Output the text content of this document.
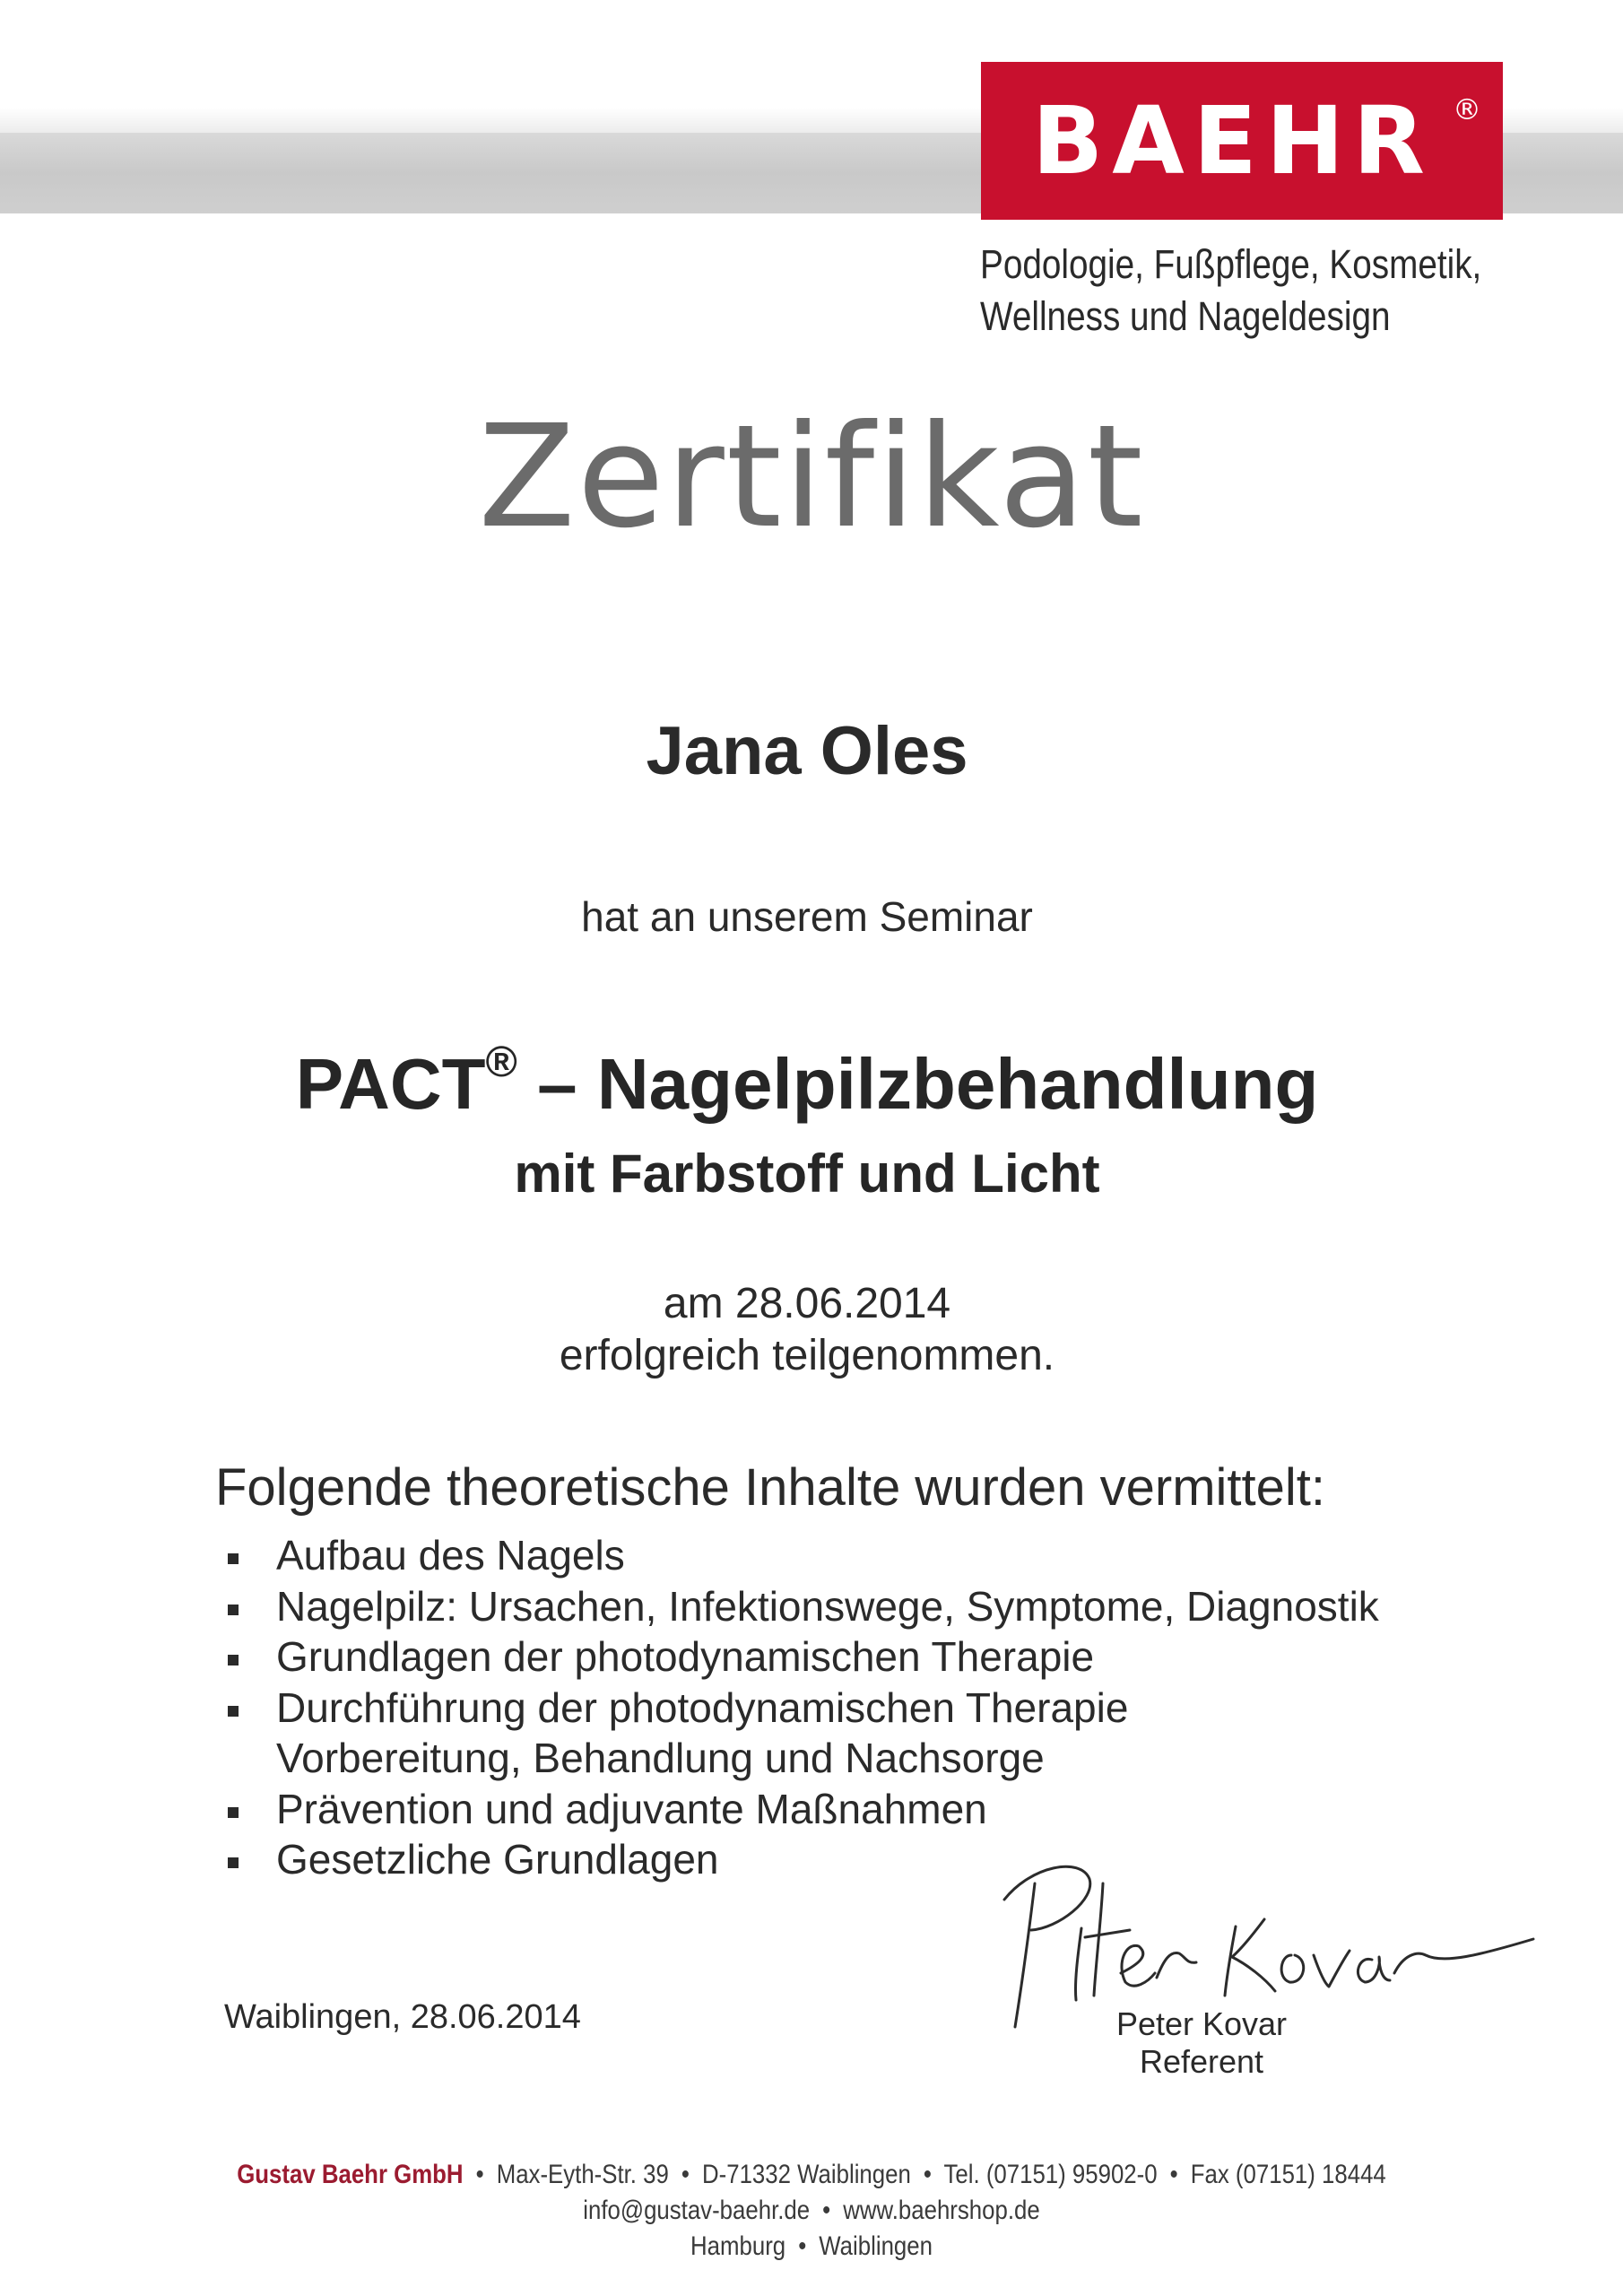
BAEHR ®
Podologie, Fußpflege, Kosmetik,
Wellness und Nageldesign
Zertifikat
Jana Oles
hat an unserem Seminar
PACT® – Nagelpilzbehandlung
mit Farbstoff und Licht
am 28.06.2014
erfolgreich teilgenommen.
Folgende theoretische Inhalte wurden vermittelt:
Aufbau des Nagels
Nagelpilz: Ursachen, Infektionswege, Symptome, Diagnostik
Grundlagen der photodynamischen Therapie
Durchführung der photodynamischen Therapie
Vorbereitung, Behandlung und Nachsorge
Prävention und adjuvante Maßnahmen
Gesetzliche Grundlagen
Waiblingen, 28.06.2014	Peter Kovar
Referent
Gustav Baehr GmbH • Max-Eyth-Str. 39 • D-71332 Waiblingen • Tel. (07151) 95902-0 • Fax (07151) 18444
info@gustav-baehr.de • www.baehrshop.de
Hamburg • Waiblingen
